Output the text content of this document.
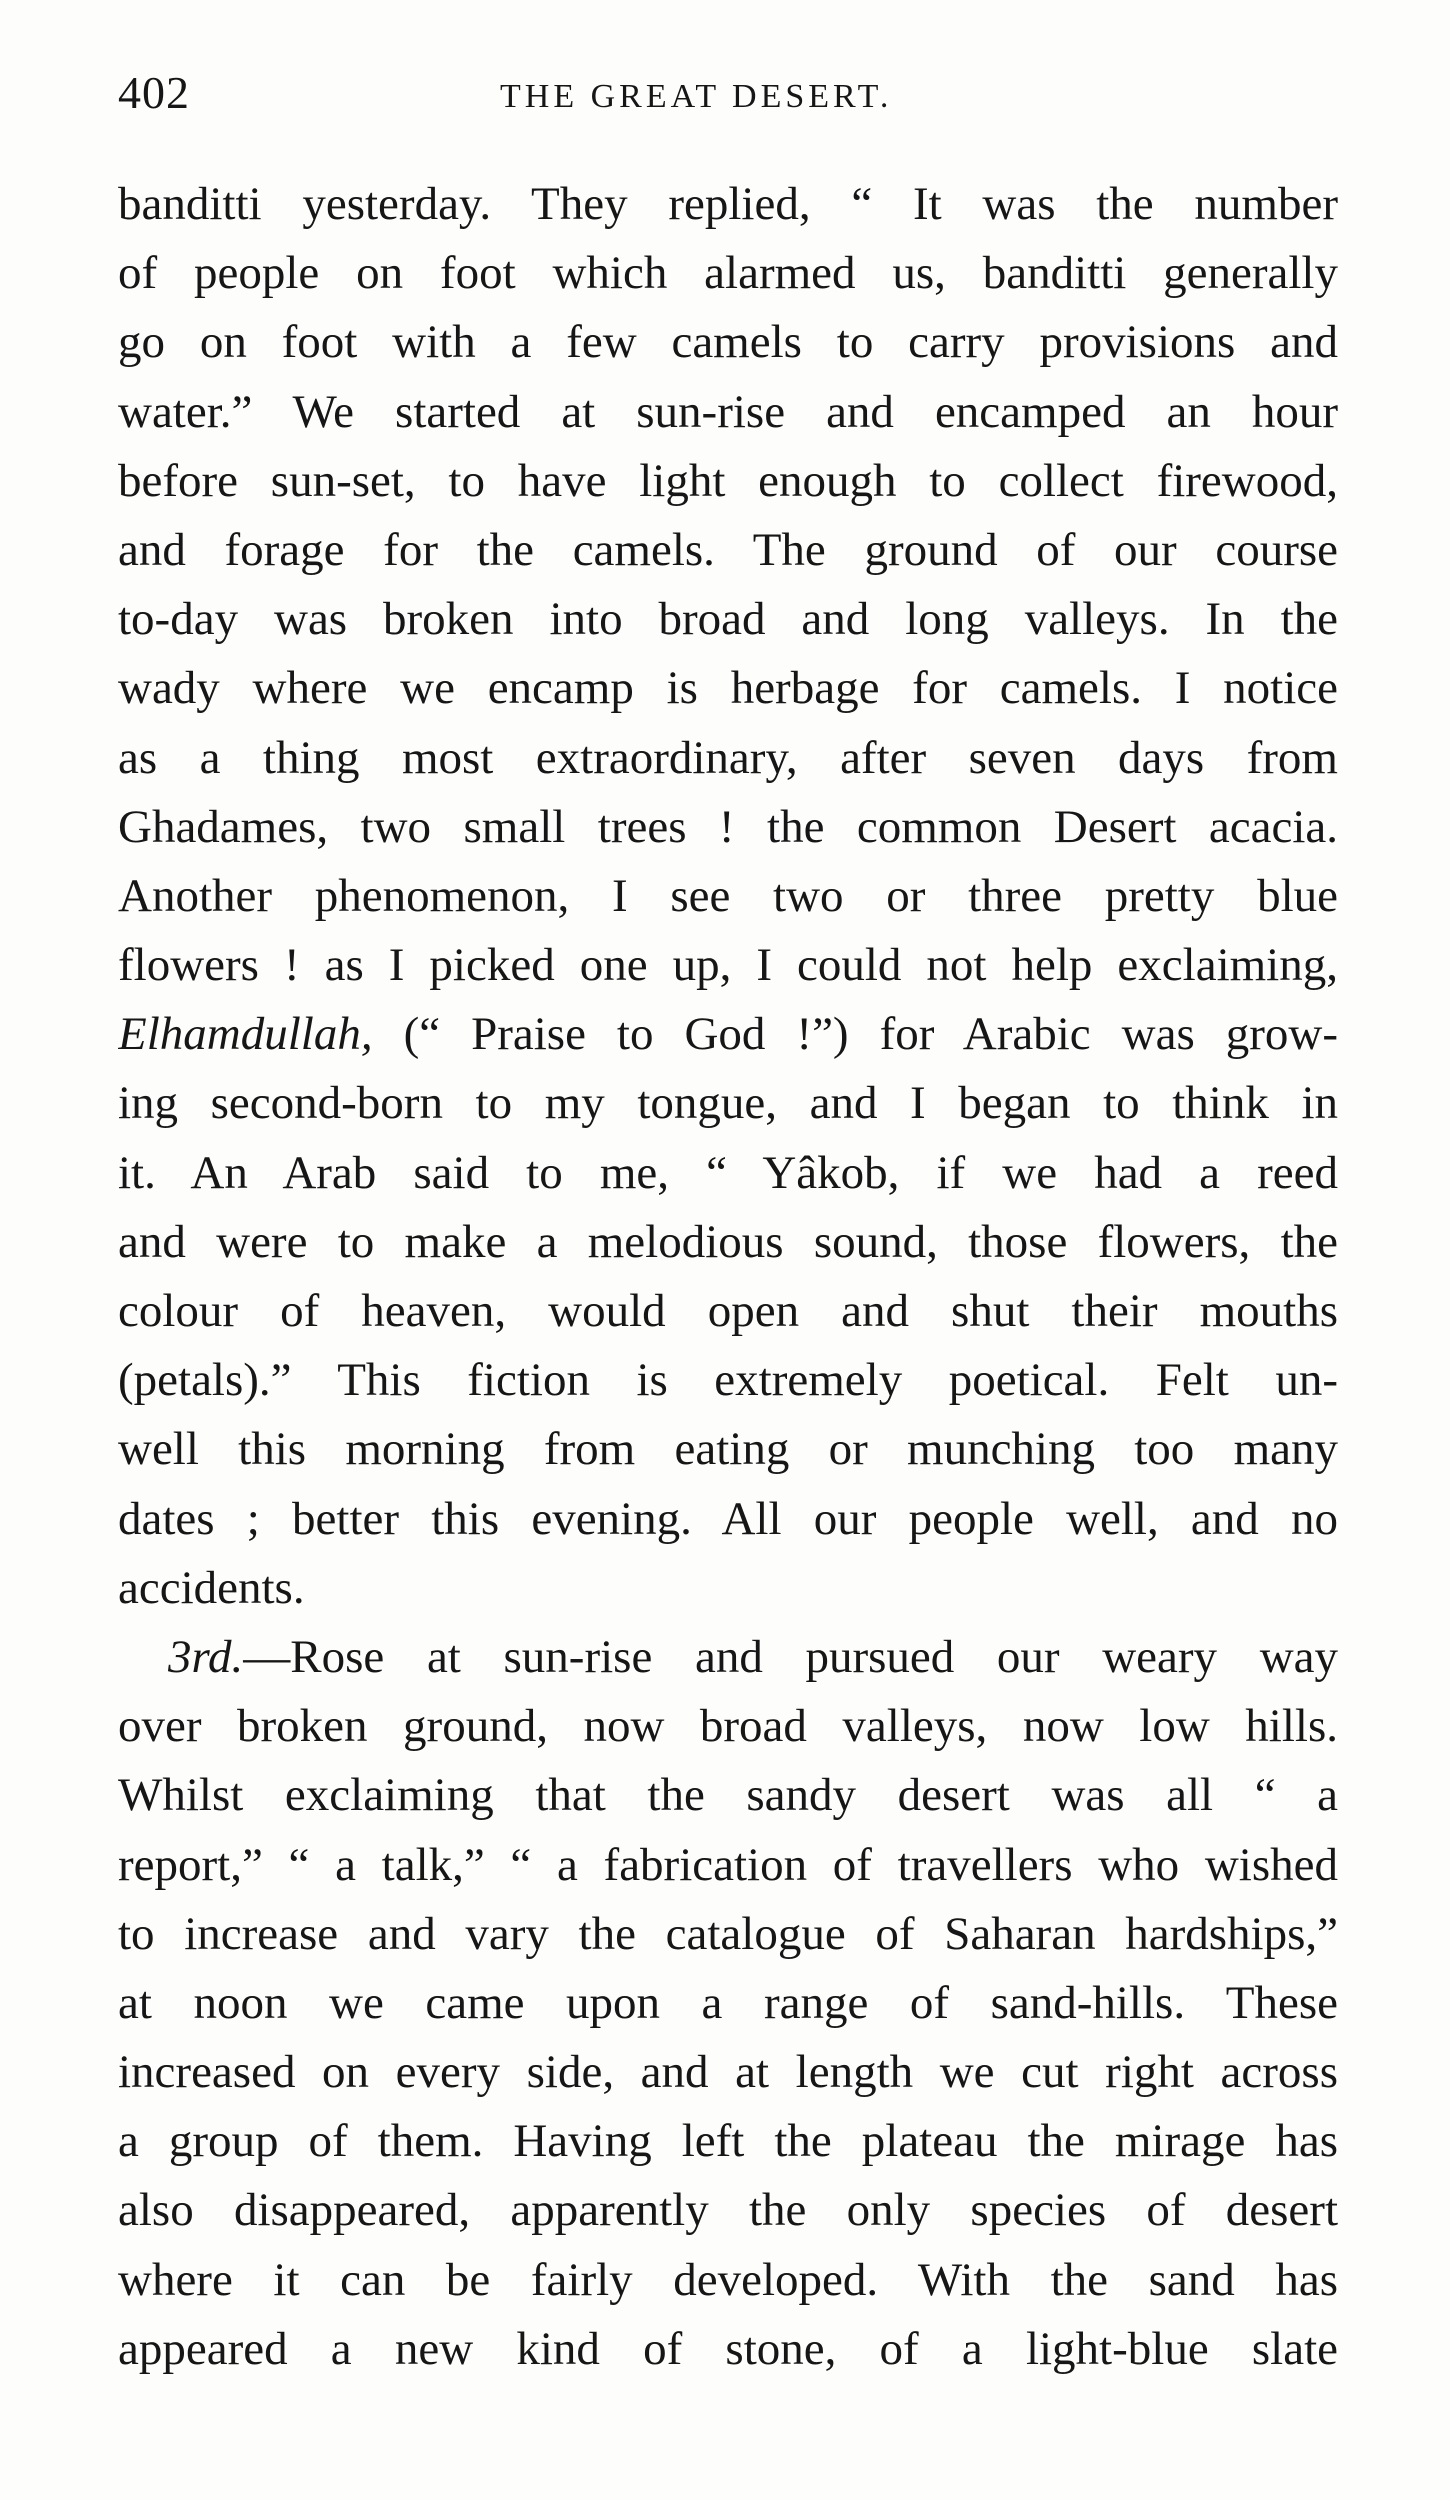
402	THE GREAT DESERT.
banditti yesterday. They replied, “ It was the number
of people on foot which alarmed us, banditti generally
go on foot with a few camels to carry provisions and
water.” We started at sun-rise and encamped an hour
before sun-set, to have light enough to collect firewood,
and forage for the camels. The ground of our course
to-day was broken into broad and long valleys. In the
wady where we encamp is herbage for camels. I notice
as a thing most extraordinary, after seven days from
Ghadames, two small trees ! the common Desert acacia.
Another phenomenon, I see two or three pretty blue
flowers ! as I picked one up, I could not help exclaiming,
Elhamdullah, (“ Praise to God !”) for Arabic was grow-
ing second-born to my tongue, and I began to think in
it. An Arab said to me, “ Yâkob, if we had a reed
and were to make a melodious sound, those flowers, the
colour of heaven, would open and shut their mouths
(petals).” This fiction is extremely poetical. Felt un-
well this morning from eating or munching too many
dates ; better this evening. All our people well, and no
accidents.
3rd.—Rose at sun-rise and pursued our weary way
over broken ground, now broad valleys, now low hills.
Whilst exclaiming that the sandy desert was all “ a
report,” “ a talk,” “ a fabrication of travellers who wished
to increase and vary the catalogue of Saharan hardships,”
at noon we came upon a range of sand-hills. These
increased on every side, and at length we cut right across
a group of them. Having left the plateau the mirage has
also disappeared, apparently the only species of desert
where it can be fairly developed. With the sand has
appeared a new kind of stone, of a light-blue slate
